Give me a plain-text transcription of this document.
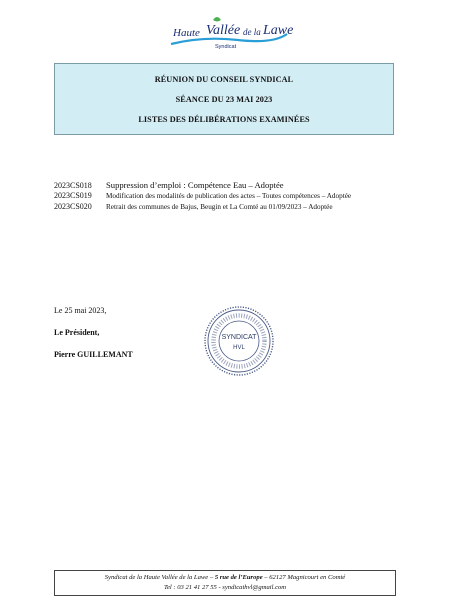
Haute Vallée de la Lawe
Syndicat
RÉUNION DU CONSEIL SYNDICAL
SÉANCE DU 23 MAI 2023
LISTES DES DÉLIBÉRATIONS EXAMINÉES
2023CS018 Suppression d’emploi : Compétence Eau – Adoptée
2023CS019 Modification des modalités de publication des actes – Toutes compétences – Adoptée
2023CS020 Retrait des communes de Bajus, Beugin et La Comté au 01/09/2023 – Adoptée
Le 25 mai 2023,
Le Président,
Pierre GUILLEMANT
SYNDICAT
HVL
Syndicat de la Haute Vallée de la Lawe – 5 rue de l’Europe – 62127 Magnicourt en Comté
Tel : 03 21 41 27 55 - syndicathvl@gmail.com
